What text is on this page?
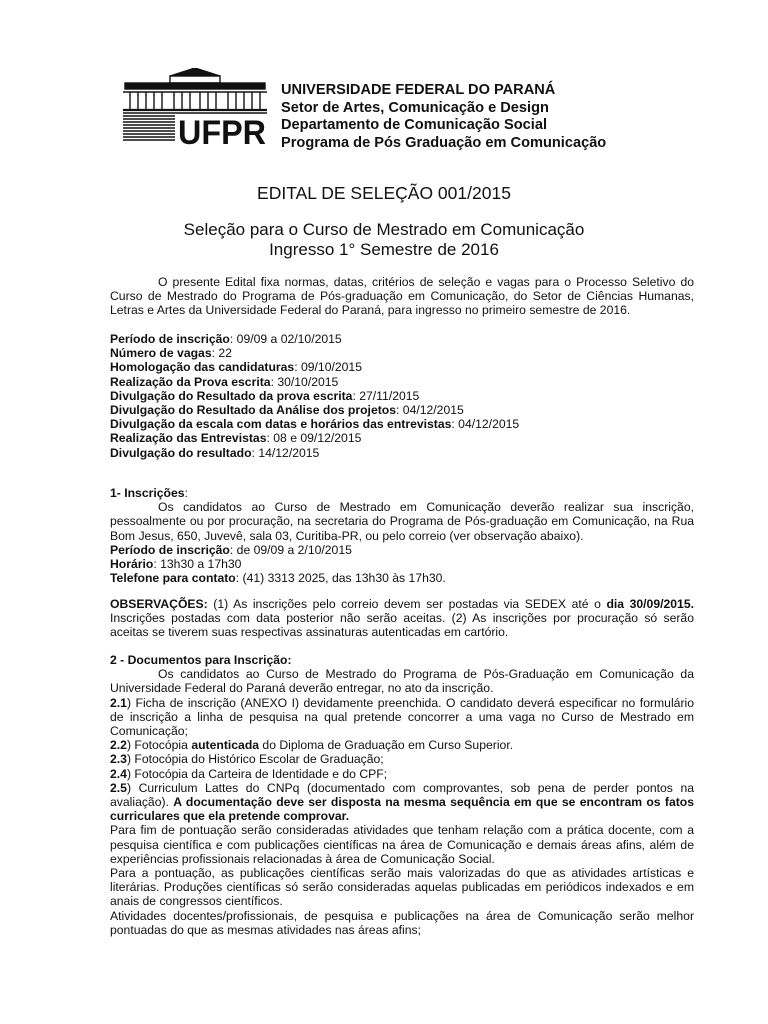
UFPR
UNIVERSIDADE FEDERAL DO PARANÁ
Setor de Artes, Comunicação e Design
Departamento de Comunicação Social
Programa de Pós Graduação em Comunicação
EDITAL DE SELEÇÃO 001/2015
Seleção para o Curso de Mestrado em Comunicação
Ingresso 1° Semestre de 2016
O presente Edital fixa normas, datas, critérios de seleção e vagas para o Processo Seletivo do Curso de Mestrado do Programa de Pós-graduação em Comunicação, do Setor de Ciências Humanas, Letras e Artes da Universidade Federal do Paraná, para ingresso no primeiro semestre de 2016.
Período de inscrição: 09/09 a 02/10/2015
Número de vagas: 22
Homologação das candidaturas: 09/10/2015
Realização da Prova escrita: 30/10/2015
Divulgação do Resultado da prova escrita: 27/11/2015
Divulgação do Resultado da Análise dos projetos: 04/12/2015
Divulgação da escala com datas e horários das entrevistas: 04/12/2015
Realização das Entrevistas: 08 e 09/12/2015
Divulgação do resultado: 14/12/2015
1- Inscrições:
Os candidatos ao Curso de Mestrado em Comunicação deverão realizar sua inscrição, pessoalmente ou por procuração, na secretaria do Programa de Pós-graduação em Comunicação, na Rua Bom Jesus, 650, Juvevê, sala 03, Curitiba-PR, ou pelo correio (ver observação abaixo).
Período de inscrição: de 09/09 a 2/10/2015
Horário: 13h30 a 17h30
Telefone para contato: (41) 3313 2025, das 13h30 às 17h30.
OBSERVAÇÕES: (1) As inscrições pelo correio devem ser postadas via SEDEX até o dia 30/09/2015. Inscrições postadas com data posterior não serão aceitas. (2) As inscrições por procuração só serão aceitas se tiverem suas respectivas assinaturas autenticadas em cartório.
2 - Documentos para Inscrição:
Os candidatos ao Curso de Mestrado do Programa de Pós-Graduação em Comunicação da Universidade Federal do Paraná deverão entregar, no ato da inscrição.
2.1) Ficha de inscrição (ANEXO I) devidamente preenchida. O candidato deverá especificar no formulário de inscrição a linha de pesquisa na qual pretende concorrer a uma vaga no Curso de Mestrado em Comunicação;
2.2) Fotocópia autenticada do Diploma de Graduação em Curso Superior.
2.3) Fotocópia do Histórico Escolar de Graduação;
2.4) Fotocópia da Carteira de Identidade e do CPF;
2.5) Curriculum Lattes do CNPq (documentado com comprovantes, sob pena de perder pontos na avaliação). A documentação deve ser disposta na mesma sequência em que se encontram os fatos curriculares que ela pretende comprovar.
Para fim de pontuação serão consideradas atividades que tenham relação com a prática docente, com a pesquisa científica e com publicações científicas na área de Comunicação e demais áreas afins, além de experiências profissionais relacionadas à área de Comunicação Social.
Para a pontuação, as publicações científicas serão mais valorizadas do que as atividades artísticas e literárias. Produções científicas só serão consideradas aquelas publicadas em periódicos indexados e em anais de congressos científicos.
Atividades docentes/profissionais, de pesquisa e publicações na área de Comunicação serão melhor pontuadas do que as mesmas atividades nas áreas afins;
